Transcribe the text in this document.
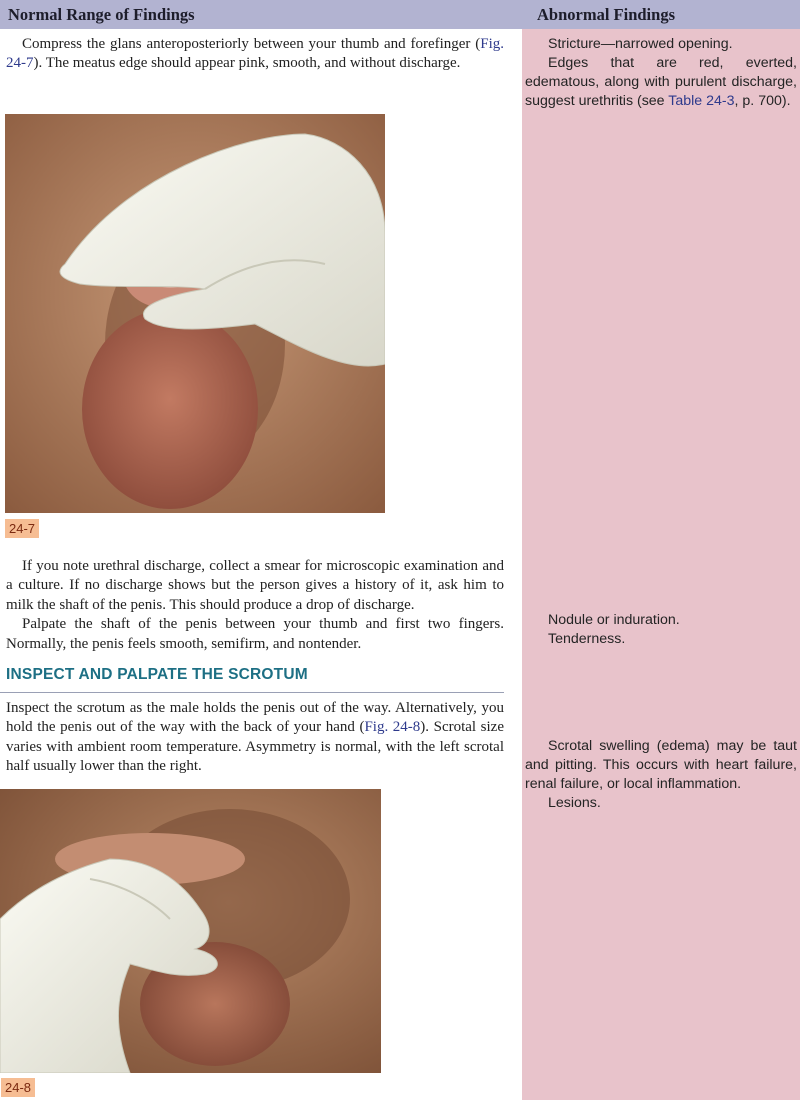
Normal Range of Findings	Abnormal Findings

Stricture—narrowed opening.

Edges that are red, everted, edematous, along with purulent discharge, suggest urethritis (see Table 24-3, p. 700).

Nodule or induration.

Tenderness.

Scrotal swelling (edema) may be taut and pitting. This occurs with heart failure, renal failure, or local inflammation.

Lesions.

Compress the glans anteroposteriorly between your thumb and forefinger (Fig. 24-7). The meatus edge should appear pink, smooth, and without discharge.

24-7

If you note urethral discharge, collect a smear for microscopic examination and a culture. If no discharge shows but the person gives a history of it, ask him to milk the shaft of the penis. This should produce a drop of discharge.

Palpate the shaft of the penis between your thumb and first two fingers. Normally, the penis feels smooth, semifirm, and nontender.

INSPECT AND PALPATE THE SCROTUM

Inspect the scrotum as the male holds the penis out of the way. Alternatively, you hold the penis out of the way with the back of your hand (Fig. 24-8). Scrotal size varies with ambient room temperature. Asymmetry is normal, with the left scrotal half usually lower than the right.

24-8
